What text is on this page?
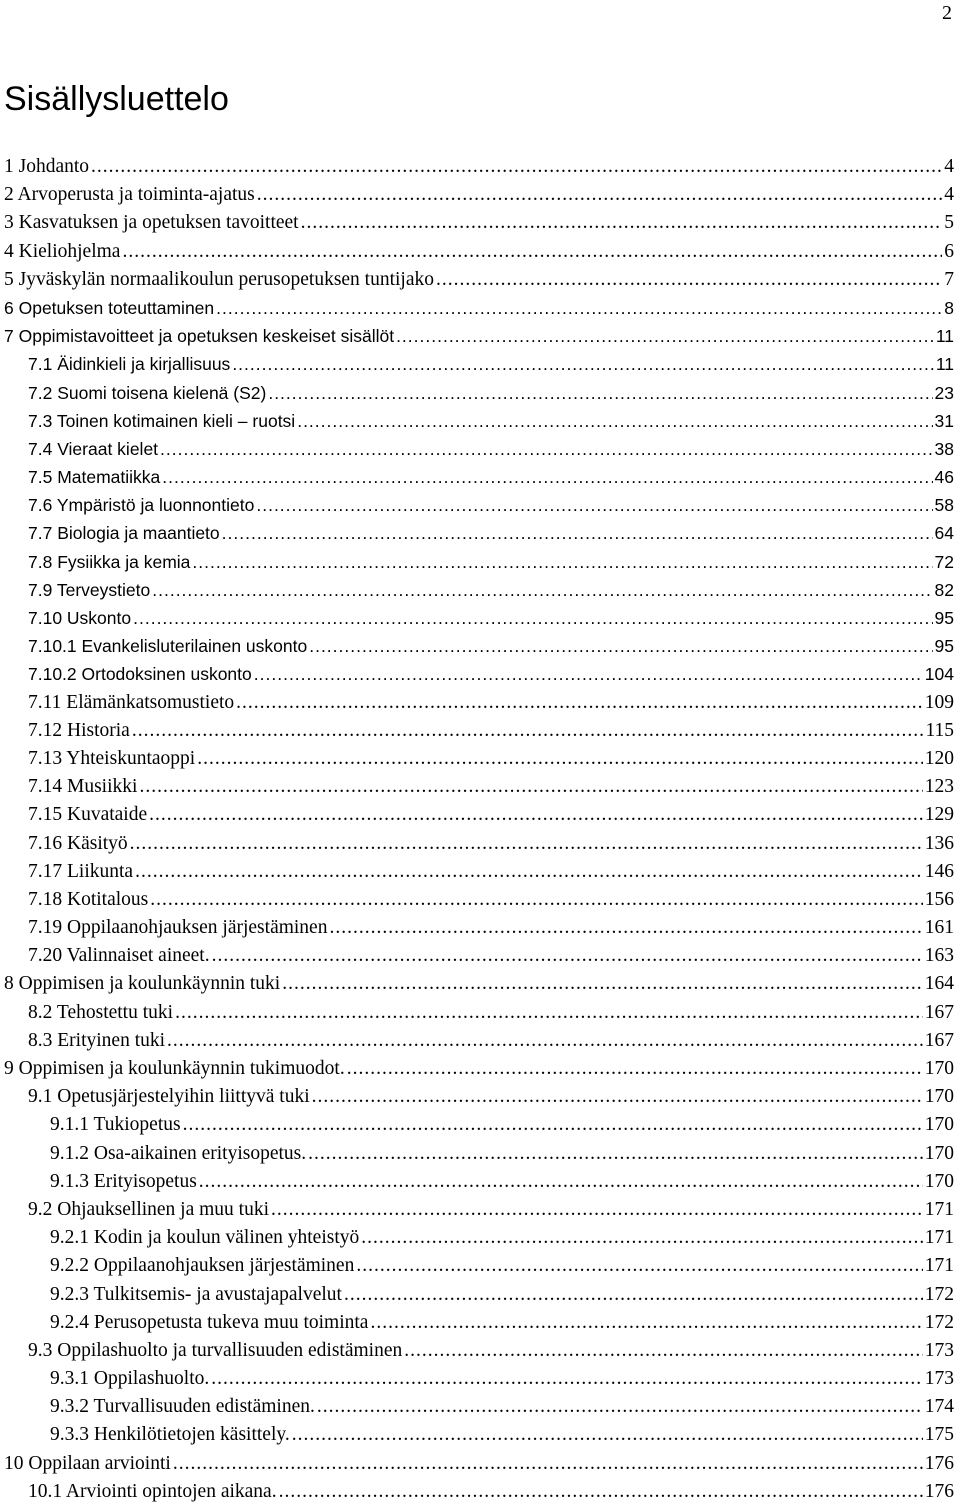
2
Sisällysluettelo
1 Johdanto .....	4
2 Arvoperusta ja toiminta-ajatus .....	4
3 Kasvatuksen ja opetuksen tavoitteet .....	5
4 Kieliohjelma .....	6
5 Jyväskylän normaalikoulun perusopetuksen tuntijako .....	7
6 Opetuksen toteuttaminen .....	8
7 Oppimistavoitteet ja opetuksen keskeiset sisällöt .....	11
7.1 Äidinkieli ja kirjallisuus .....	11
7.2 Suomi toisena kielenä (S2) .....	23
7.3 Toinen kotimainen kieli – ruotsi .....	31
7.4 Vieraat kielet .....	38
7.5 Matematiikka .....	46
7.6 Ympäristö ja luonnontieto .....	58
7.7 Biologia ja maantieto .....	64
7.8 Fysiikka ja kemia .....	72
7.9 Terveystieto .....	82
7.10 Uskonto .....	95
7.10.1 Evankelisluterilainen uskonto .....	95
7.10.2 Ortodoksinen uskonto .....	104
7.11 Elämänkatsomustieto .....	109
7.12 Historia .....	115
7.13 Yhteiskuntaoppi .....	120
7.14 Musiikki .....	123
7.15 Kuvataide .....	129
7.16 Käsityö .....	136
7.17 Liikunta .....	146
7.18 Kotitalous .....	156
7.19 Oppilaanohjauksen järjestäminen .....	161
7.20 Valinnaiset aineet. .....	163
8 Oppimisen ja koulunkäynnin tuki .....	164
8.2 Tehostettu tuki .....	167
8.3 Erityinen tuki .....	167
9 Oppimisen ja koulunkäynnin tukimuodot. .....	170
9.1 Opetusjärjestelyihin liittyvä tuki .....	170
9.1.1 Tukiopetus .....	170
9.1.2 Osa-aikainen erityisopetus. .....	170
9.1.3 Erityisopetus .....	170
9.2 Ohjauksellinen ja muu tuki .....	171
9.2.1 Kodin ja koulun välinen yhteistyö .....	171
9.2.2 Oppilaanohjauksen järjestäminen .....	171
9.2.3 Tulkitsemis- ja avustajapalvelut .....	172
9.2.4 Perusopetusta tukeva muu toiminta .....	172
9.3 Oppilashuolto ja turvallisuuden edistäminen .....	173
9.3.1 Oppilashuolto. .....	173
9.3.2 Turvallisuuden edistäminen. .....	174
9.3.3 Henkilötietojen käsittely. .....	175
10 Oppilaan arviointi .....	176
10.1 Arviointi opintojen aikana. .....	176
